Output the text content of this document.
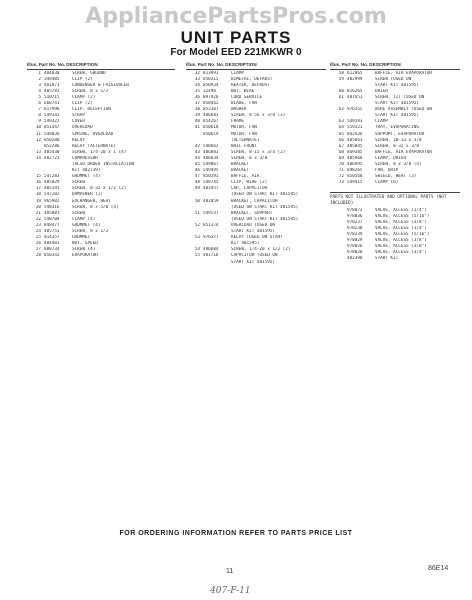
AppliancePartsPros.com
UNIT PARTS
For Model EED 221MKWR 0
Illus. Part No. No. DESCRIPTION
1 484030	SCREW, GROUND
2 349485	CLIP (2)
3 481071	CONDENSER & FRIGIDOLER
4 485781	SCREW, 8 x 1/2
5 510715	CLAMP (2)
6 668741	CLIP (2)
7 817996	CLIP, RECEPTION
8 549342	STRAP
9 549322	COVER
10 851447	OVERLOAD
11 549036	SPRING, OVERLOAD
12 850280	RELAY
852286	RELAY (ALTERNATE)
13 485430	SCREW, 1/4-20 x 1 (4)
14 482721	COMPRESSOR
(ALSO ORDER INSTALLATION
KIT 482739)
15 547283	GROMMET (4)
16 485029	SCREW
17 485191	SCREW, 8-32 x 1/2 (2)
18 547202	DAMPENER (2)
19 965902	EXCHANGER, HEAT
20 548316	SCREW, 8 x 5/8 (4)
21 485881	SCREW
22 548708	CLAMP (4)
23 848477	GROMMET (4)
24 485751	SCREW, 8 x 1/2
25 814357	GROMMET
26 484481	NUT, SPEED
27 880734	SCREW (4)
28 850343	EVAPORATOR
Illus. Part No. No. DESCRIPTION
32 813991	CLAMP
33 850315	BIMETAL, DEFROST
34 850934	HEATER, DEFROST
35 32490	NUT, WIRE
36 897926	CORD SERVICE
37 850462	BLADE, FAN
38 853107	WASHER
39 486683	SCREW, 8 56 x 3/8 (3)
40 854267	FRAME
41 850618	MOTOR, FAN
850619	MOTOR, FAN
(ALTERNATE)
42 548662	NAIL FRONT
43 486083	SCREW, 8-15 x 3/4 (2)
44 486634	SCREW, 8 x 3/8
45 549867	BRACKET
46 549495	BRACKET
47 850591	BAFFLE, AIR
48 548745	CLIP, WIRE (2)
49 481957	CAP, CAPACITOR
(USED ON START KIT 481595)
50 482059	BRACKET, CAPACITOR
(USED ON START KIT 481595)
51 549537	BRACKET, SUPPORT
(USED ON START KIT 481595)
52 851374	OVERLOAD (USED ON
START KIT 481595)
53 976577	RELAY (USED ON START
KIT 481595)
54 486604	SCREW, 1/4-20 x 1/2 (2)
55 481716	CAPACITOR (USED ON
START KIT 481595)
Illus. Part No. No. DESCRIPTION
58 612865	BAFFLE, AIR EVAPORATOR
59 482999	SCREW (USED ON
START KIT 481595)
60 816265	DRIER
61 487651	SCREW, (2) (USED ON
START KIT 481595)
62 976355	WIRE ASSEMBLY (USED ON
START KIT 481595)
63 549193	CLAMP
64 559321	TRAY, EVAPORATING
65 842436	SUPPORT, EVAPORATOR
66 485663	SCREW, 10-13 x 3/8
67 485845	SCREW, 8-32 x 3/8
68 849385	BAFFLE, AIR EVAPORATOR
69 485968	CLAMP, DRIER
70 486995	SCREW, 8 x 3/8 (4)
71 898265	FAN, DRIP
72 850568	SHIELD, HEAT (3)
73 549415	CLAMP (6)
PARTS NOT ILLUSTRATED AND OPTIONAL PARTS (NOT INCLUDED)
978072	VALVE, ACCESS (1/4")
978036	VALVE, ACCESS (5/16")
978237	VALVE, ACCESS (3/8")
978238	VALVE, ACCESS (1/4")
978239	VALVE, ACCESS (5/16")
978029	VALVE, ACCESS (3/8")
978026	VALVE, ACCESS (3/8")
978020	VALVE, ACCESS (3/4")
482398	START KIT
FOR ORDERING INFORMATION REFER TO PARTS PRICE LIST
11	86E14
407-F-11
